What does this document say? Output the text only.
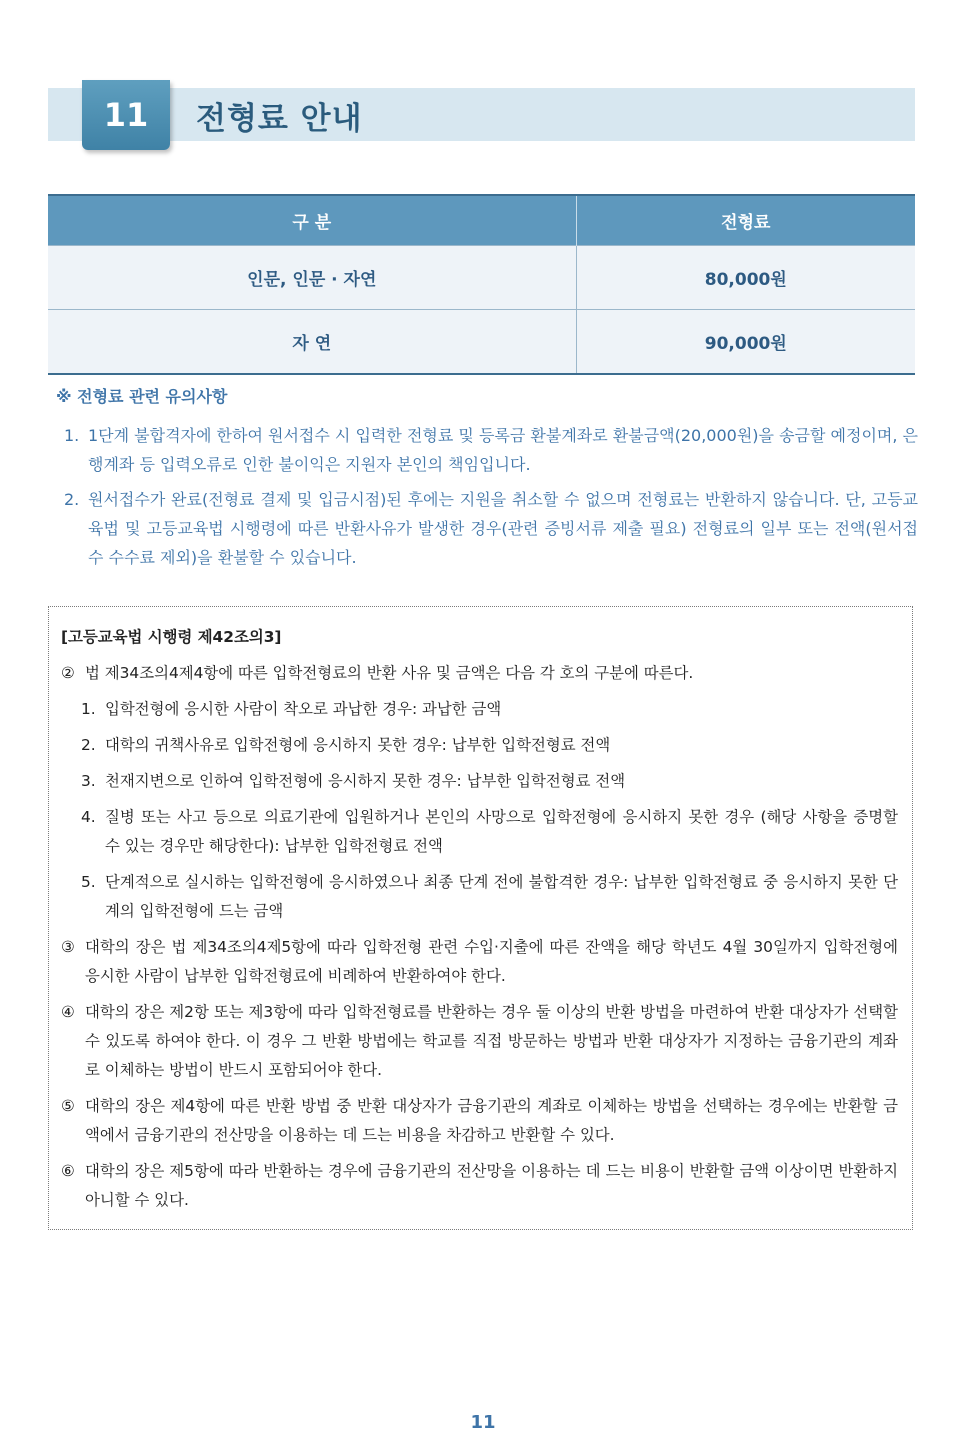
11	전형료 안내
구 분	전형료
인문, 인문 · 자연	80,000원
자 연	90,000원
※ 전형료 관련 유의사항
1. 1단계 불합격자에 한하여 원서접수 시 입력한 전형료 및 등록금 환불계좌로 환불금액(20,000원)을 송금할 예정이며, 은행계좌 등 입력오류로 인한 불이익은 지원자 본인의 책임입니다.
2. 원서접수가 완료(전형료 결제 및 입금시점)된 후에는 지원을 취소할 수 없으며 전형료는 반환하지 않습니다. 단, 고등교육법 및 고등교육법 시행령에 따른 반환사유가 발생한 경우(관련 증빙서류 제출 필요) 전형료의 일부 또는 전액(원서접수 수수료 제외)을 환불할 수 있습니다.
[고등교육법 시행령 제42조의3]
② 법 제34조의4제4항에 따른 입학전형료의 반환 사유 및 금액은 다음 각 호의 구분에 따른다.
1. 입학전형에 응시한 사람이 착오로 과납한 경우: 과납한 금액
2. 대학의 귀책사유로 입학전형에 응시하지 못한 경우: 납부한 입학전형료 전액
3. 천재지변으로 인하여 입학전형에 응시하지 못한 경우: 납부한 입학전형료 전액
4. 질병 또는 사고 등으로 의료기관에 입원하거나 본인의 사망으로 입학전형에 응시하지 못한 경우 (해당 사항을 증명할 수 있는 경우만 해당한다): 납부한 입학전형료 전액
5. 단계적으로 실시하는 입학전형에 응시하였으나 최종 단계 전에 불합격한 경우: 납부한 입학전형료 중 응시하지 못한 단계의 입학전형에 드는 금액
③ 대학의 장은 법 제34조의4제5항에 따라 입학전형 관련 수입·지출에 따른 잔액을 해당 학년도 4월 30일까지 입학전형에 응시한 사람이 납부한 입학전형료에 비례하여 반환하여야 한다.
④ 대학의 장은 제2항 또는 제3항에 따라 입학전형료를 반환하는 경우 둘 이상의 반환 방법을 마련하여 반환 대상자가 선택할 수 있도록 하여야 한다. 이 경우 그 반환 방법에는 학교를 직접 방문하는 방법과 반환 대상자가 지정하는 금융기관의 계좌로 이체하는 방법이 반드시 포함되어야 한다.
⑤ 대학의 장은 제4항에 따른 반환 방법 중 반환 대상자가 금융기관의 계좌로 이체하는 방법을 선택하는 경우에는 반환할 금액에서 금융기관의 전산망을 이용하는 데 드는 비용을 차감하고 반환할 수 있다.
⑥ 대학의 장은 제5항에 따라 반환하는 경우에 금융기관의 전산망을 이용하는 데 드는 비용이 반환할 금액 이상이면 반환하지 아니할 수 있다.
11
